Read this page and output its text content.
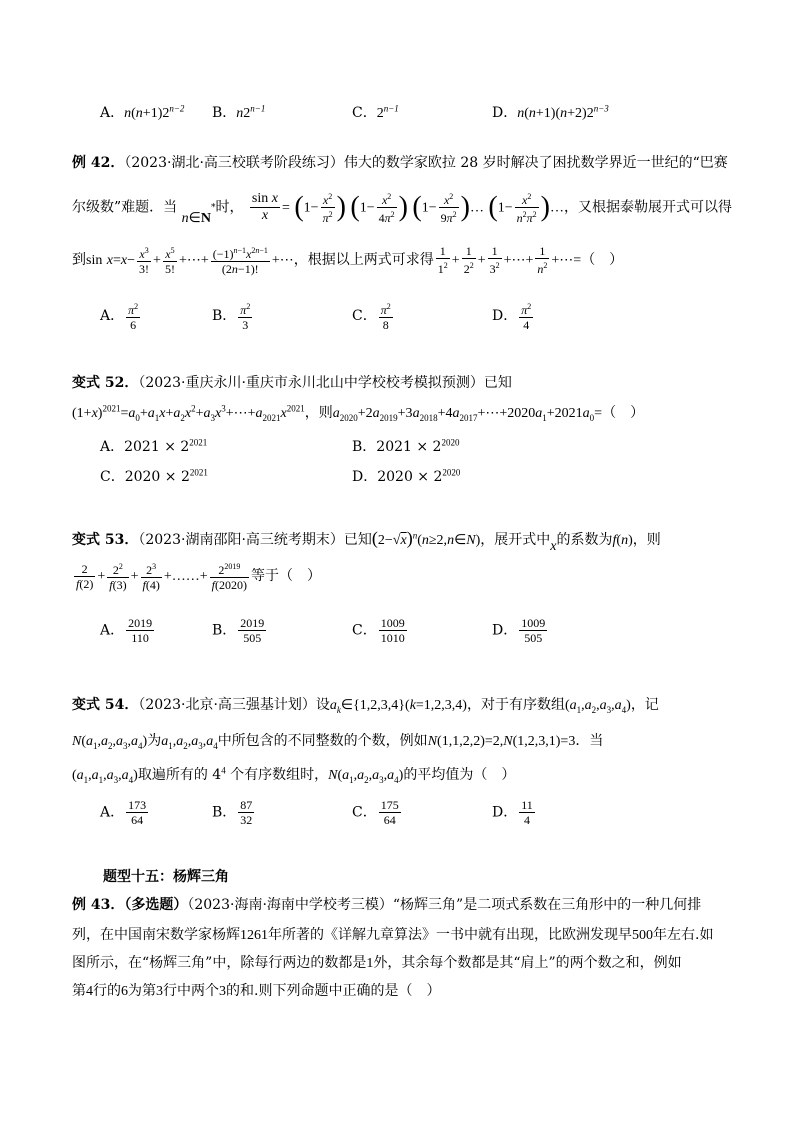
A．$n(n+1)2^{n-2}$ B．$n2^{n-1}$	C．$2^{n-1}$	D．$n(n+1)(n+2)2^{n-3}$
例 42．（2023·湖北·高三校联考阶段练习）伟大的数学家欧拉 28 岁时解决了困扰数学界近一世纪的“巴赛
尔级数”难题．当 n∈N*时， $\frac{\text{sin x}}{x} = (1- \frac{x^2}{\pi^2}$ ) ($1- \frac{x^2}{4\pi^2}$ ) ($1- \frac{x^2}{9\pi^2}$ )… ($1- \frac{x^2}{n^2\pi^2}$ )…，又根据泰勒展开式可以得
到$\sin x=x- \frac{x^3}{3!} + \frac{x^5}{5!}$ +⋯+ $\frac{(-1)^{n-1}x^{2n-1}}{(2n-1)!}$ +⋯，根据以上两式可求得 $\frac{1}{1^2} + \frac{1}{2^2} + \frac{1}{3^2}$ +⋯+ $\frac{1}{n^2}$ +⋯=（　）
A． $\frac{\pi^2}{6}$	B． $\frac{\pi^2}{3}$	C． $\frac{\pi^2}{8}$	D． $\frac{\pi^2}{4}$
变式 52．（2023·重庆永川·重庆市永川北山中学校校考模拟预测）已知
$(1+x)^{2021}=a_0+a_1x+a_2x^2+a_3x^3+\cdots+a_{2021}x^{2021}$，则$a_{2020}+2a_{2019}+3a_{2018}+4a_{2017}+\cdots+2020a_1+2021a_0=$（　）
A．$2021 \times 2^{2021}$	B．$2021 \times 2^{2020}$
C．$2020 \times 2^{2021}$	D．$2020 \times 2^{2020}$
变式 53．（2023·湖南邵阳·高三统考期末）已知$(2-√x)^n(n\ge 2,n\in N)$，展开式中x的系数为f(n)，则
$\frac{2}{f(2)} + \frac{2^2}{f(3)} + \frac{2^3}{f(4)}$ +……+ $\frac{2^{2019}}{f(2020)}$ 等于（　）
A． $\frac{2019}{110}$	B． $\frac{2019}{505}$	C． $\frac{1009}{1010}$	D． $\frac{1009}{505}$
变式 54．（2023·北京·高三强基计划）设$a_k\in\{1,2,3,4\}(k=1,2,3,4)$，对于有序数组$(a_1,a_2,a_3,a_4)$，记
$N(a_1,a_2,a_3,a_4)$为$a_1,a_2,a_3,a_4$中所包含的不同整数的个数，例如N(1,1,2,2)=2,N(1,2,3,1)=3．当
$(a_1,a_1,a_3,a_4)$取遍所有的 $4^4$ 个有序数组时，$N(a_1,a_2,a_3,a_4)$的平均值为（　）
A． $\frac{173}{64}$	B． $\frac{87}{32}$	C． $\frac{175}{64}$	D． $\frac{11}{4}$
题型十五：杨辉三角
例 43．（多选题）（2023·海南·海南中学校考三模）“杨辉三角”是二项式系数在三角形中的一种几何排
列，在中国南宋数学家杨辉1261年所著的《详解九章算法》一书中就有出现，比欧洲发现早500年左右.如
图所示，在“杨辉三角”中，除每行两边的数都是1外，其余每个数都是其“肩上”的两个数之和，例如
第4行的6为第3行中两个3的和.则下列命题中正确的是（　）
